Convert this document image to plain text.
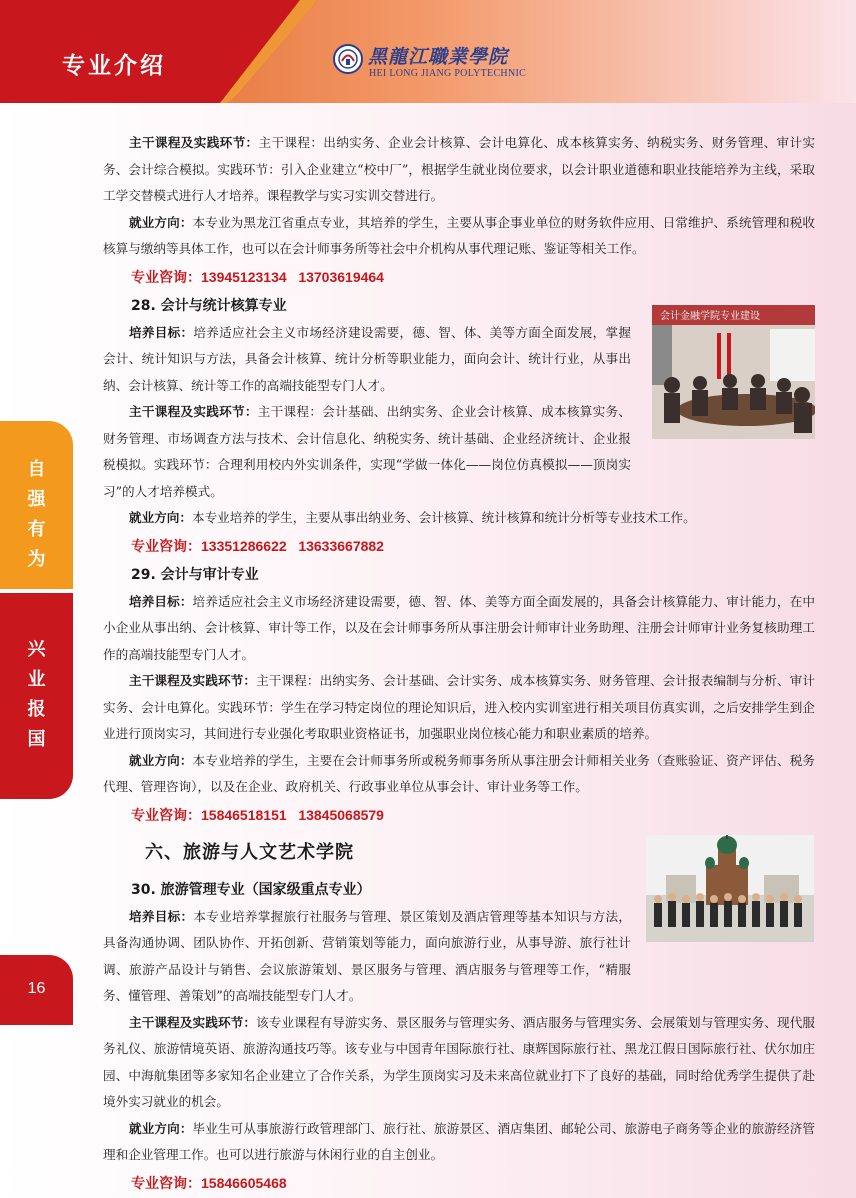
专业介绍	黑龍江職業學院
HEI LONG JIANG POLYTECHNIC
自
强
有
为
兴
业
报
国
16
会计金融学院专业建设

主干课程及实践环节：主干课程：出纳实务、企业会计核算、会计电算化、成本核算实务、纳税实务、财务管理、审计实务、会计综合模拟。实践环节：引入企业建立“校中厂”，根据学生就业岗位要求，以会计职业道德和职业技能培养为主线，采取工学交替模式进行人才培养。课程教学与实习实训交替进行。

就业方向：本专业为黑龙江省重点专业，其培养的学生，主要从事企事业单位的财务软件应用、日常维护、系统管理和税收核算与缴纳等具体工作，也可以在会计师事务所等社会中介机构从事代理记账、鉴证等相关工作。

专业咨询：13945123134   13703619464
28. 会计与统计核算专业

培养目标：培养适应社会主义市场经济建设需要，德、智、体、美等方面全面发展，掌握会计、统计知识与方法，具备会计核算、统计分析等职业能力，面向会计、统计行业，从事出纳、会计核算、统计等工作的高端技能型专门人才。

主干课程及实践环节：主干课程：会计基础、出纳实务、企业会计核算、成本核算实务、财务管理、市场调查方法与技术、会计信息化、纳税实务、统计基础、企业经济统计、企业报税模拟。实践环节：合理利用校内外实训条件，实现“学做一体化——岗位仿真模拟——顶岗实习”的人才培养模式。

就业方向：本专业培养的学生，主要从事出纳业务、会计核算、统计核算和统计分析等专业技术工作。

专业咨询：13351286622   13633667882
29. 会计与审计专业

培养目标：培养适应社会主义市场经济建设需要，德、智、体、美等方面全面发展的，具备会计核算能力、审计能力，在中小企业从事出纳、会计核算、审计等工作，以及在会计师事务所从事注册会计师审计业务助理、注册会计师审计业务复核助理工作的高端技能型专门人才。

主干课程及实践环节：主干课程：出纳实务、会计基础、会计实务、成本核算实务、财务管理、会计报表编制与分析、审计实务、会计电算化。实践环节：学生在学习特定岗位的理论知识后，进入校内实训室进行相关项目仿真实训，之后安排学生到企业进行顶岗实习，其间进行专业强化考取职业资格证书，加强职业岗位核心能力和职业素质的培养。

就业方向：本专业培养的学生，主要在会计师事务所或税务师事务所从事注册会计师相关业务（查账验证、资产评估、税务代理、管理咨询），以及在企业、政府机关、行政事业单位从事会计、审计业务等工作。

专业咨询：15846518151   13845068579
六、旅游与人文艺术学院
30. 旅游管理专业（国家级重点专业）

培养目标：本专业培养掌握旅行社服务与管理、景区策划及酒店管理等基本知识与方法，具备沟通协调、团队协作、开拓创新、营销策划等能力，面向旅游行业，从事导游、旅行社计调、旅游产品设计与销售、会议旅游策划、景区服务与管理、酒店服务与管理等工作，“精服务、懂管理、善策划”的高端技能型专门人才。

主干课程及实践环节：该专业课程有导游实务、景区服务与管理实务、酒店服务与管理实务、会展策划与管理实务、现代服务礼仪、旅游情境英语、旅游沟通技巧等。该专业与中国青年国际旅行社、康辉国际旅行社、黑龙江假日国际旅行社、伏尔加庄园、中海航集团等多家知名企业建立了合作关系，为学生顶岗实习及未来高位就业打下了良好的基础，同时给优秀学生提供了赴境外实习就业的机会。

就业方向：毕业生可从事旅游行政管理部门、旅行社、旅游景区、酒店集团、邮轮公司、旅游电子商务等企业的旅游经济管理和企业管理工作。也可以进行旅游与休闲行业的自主创业。

专业咨询：15846605468
